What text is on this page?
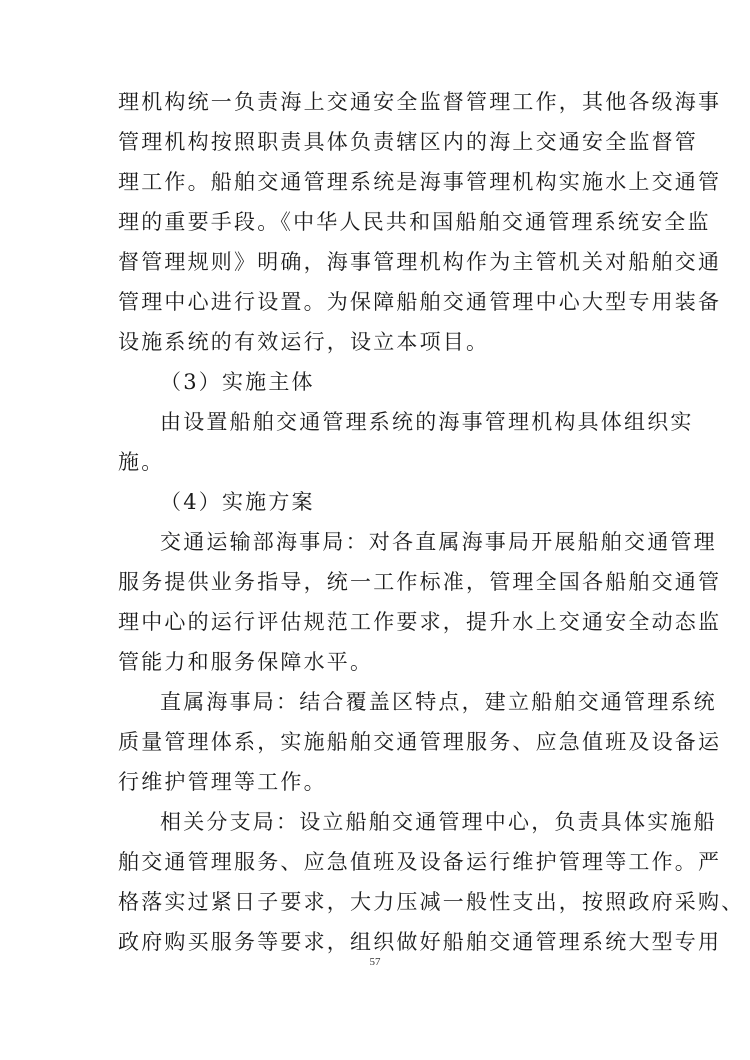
理机构统一负责海上交通安全监督管理工作，其他各级海事
管理机构按照职责具体负责辖区内的海上交通安全监督管
理工作。船舶交通管理系统是海事管理机构实施水上交通管
理的重要手段。《中华人民共和国船舶交通管理系统安全监
督管理规则》明确，海事管理机构作为主管机关对船舶交通
管理中心进行设置。为保障船舶交通管理中心大型专用装备
设施系统的有效运行，设立本项目。
（3）实施主体
由设置船舶交通管理系统的海事管理机构具体组织实
施。
（4）实施方案
交通运输部海事局：对各直属海事局开展船舶交通管理
服务提供业务指导，统一工作标准，管理全国各船舶交通管
理中心的运行评估规范工作要求，提升水上交通安全动态监
管能力和服务保障水平。
直属海事局：结合覆盖区特点，建立船舶交通管理系统
质量管理体系，实施船舶交通管理服务、应急值班及设备运
行维护管理等工作。
相关分支局：设立船舶交通管理中心，负责具体实施船
舶交通管理服务、应急值班及设备运行维护管理等工作。严
格落实过紧日子要求，大力压减一般性支出，按照政府采购、
政府购买服务等要求，组织做好船舶交通管理系统大型专用
57
